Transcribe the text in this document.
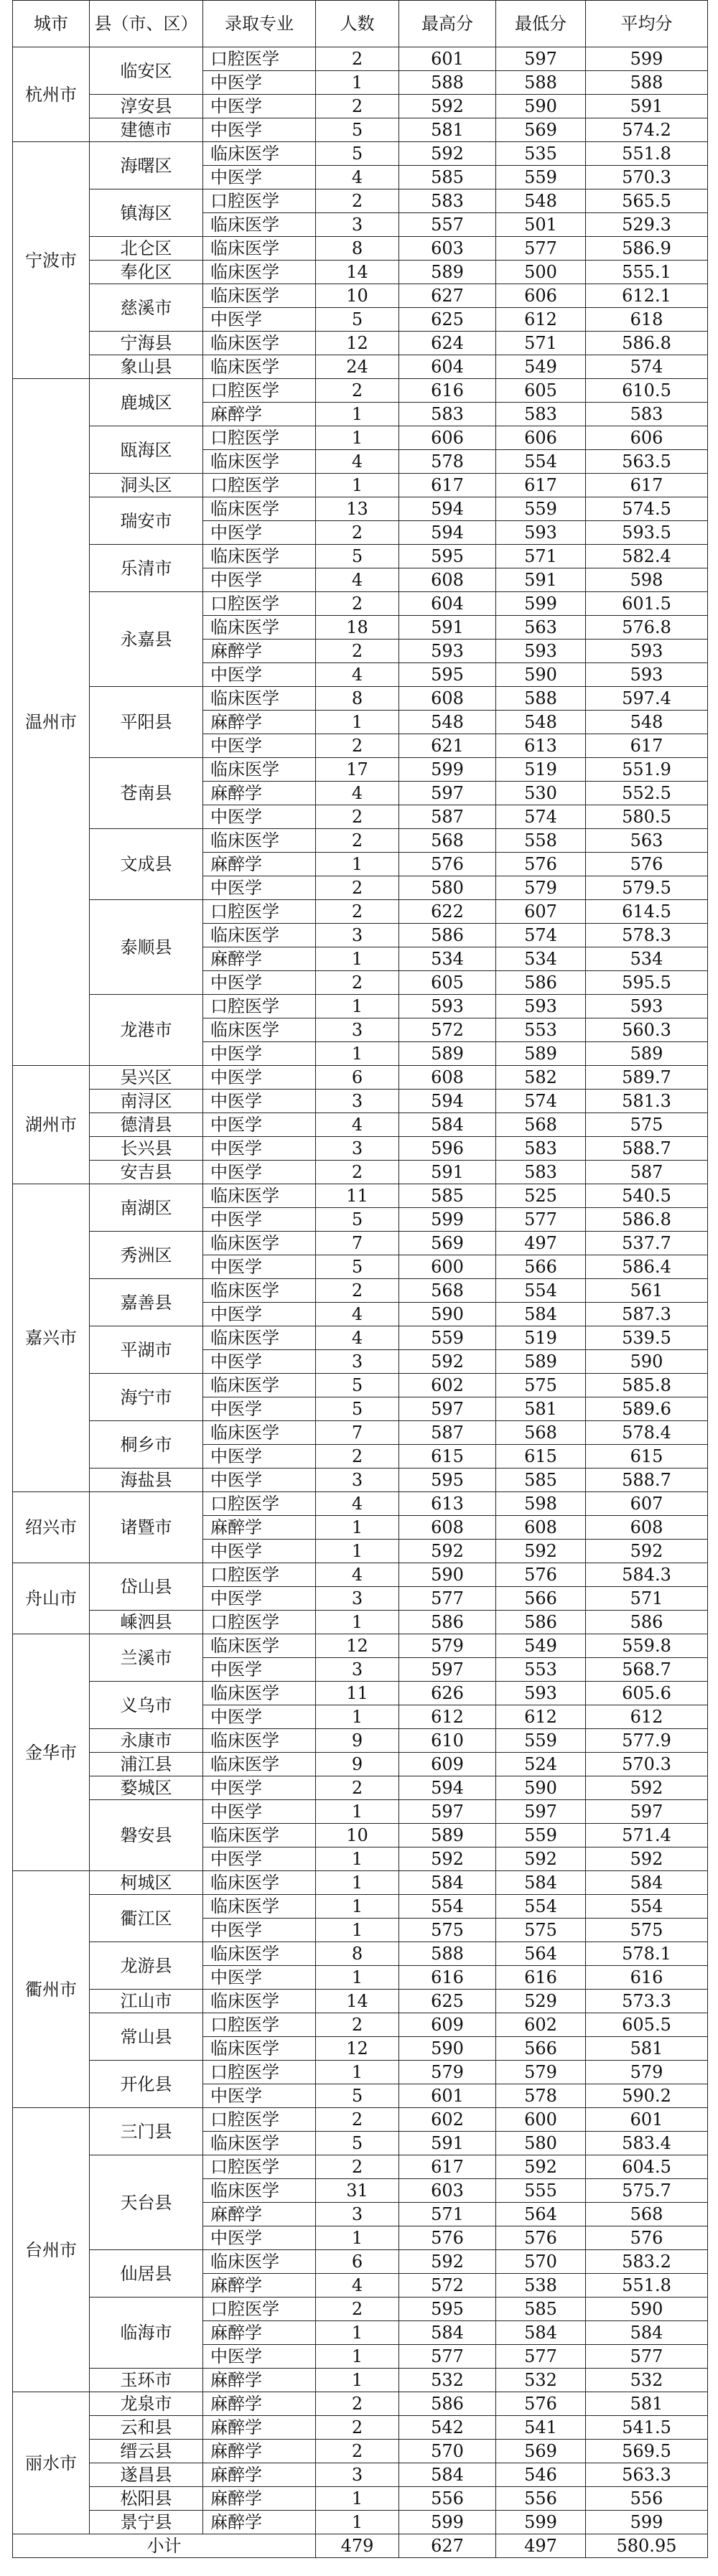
城市	县（市、区）	录取专业	人数	最高分	最低分	平均分
杭州市	临安区	口腔医学	2	601	597	599
		中医学	1	588	588	588
	淳安县	中医学	2	592	590	591
	建德市	中医学	5	581	569	574.2
宁波市	海曙区	临床医学	5	592	535	551.8
		中医学	4	585	559	570.3
	镇海区	口腔医学	2	583	548	565.5
		临床医学	3	557	501	529.3
	北仑区	临床医学	8	603	577	586.9
	奉化区	临床医学	14	589	500	555.1
	慈溪市	临床医学	10	627	606	612.1
		中医学	5	625	612	618
	宁海县	临床医学	12	624	571	586.8
	象山县	临床医学	24	604	549	574
温州市	鹿城区	口腔医学	2	616	605	610.5
		麻醉学	1	583	583	583
	瓯海区	口腔医学	1	606	606	606
		临床医学	4	578	554	563.5
	洞头区	口腔医学	1	617	617	617
	瑞安市	临床医学	13	594	559	574.5
		中医学	2	594	593	593.5
	乐清市	临床医学	5	595	571	582.4
		中医学	4	608	591	598
	永嘉县	口腔医学	2	604	599	601.5
		临床医学	18	591	563	576.8
		麻醉学	2	593	593	593
		中医学	4	595	590	593
	平阳县	临床医学	8	608	588	597.4
		麻醉学	1	548	548	548
		中医学	2	621	613	617
	苍南县	临床医学	17	599	519	551.9
		麻醉学	4	597	530	552.5
		中医学	2	587	574	580.5
	文成县	临床医学	2	568	558	563
		麻醉学	1	576	576	576
		中医学	2	580	579	579.5
	泰顺县	口腔医学	2	622	607	614.5
		临床医学	3	586	574	578.3
		麻醉学	1	534	534	534
		中医学	2	605	586	595.5
	龙港市	口腔医学	1	593	593	593
		临床医学	3	572	553	560.3
		中医学	1	589	589	589
湖州市	吴兴区	中医学	6	608	582	589.7
	南浔区	中医学	3	594	574	581.3
	德清县	中医学	4	584	568	575
	长兴县	中医学	3	596	583	588.7
	安吉县	中医学	2	591	583	587
嘉兴市	南湖区	临床医学	11	585	525	540.5
		中医学	5	599	577	586.8
	秀洲区	临床医学	7	569	497	537.7
		中医学	5	600	566	586.4
	嘉善县	临床医学	2	568	554	561
		中医学	4	590	584	587.3
	平湖市	临床医学	4	559	519	539.5
		中医学	3	592	589	590
	海宁市	临床医学	5	602	575	585.8
		中医学	5	597	581	589.6
	桐乡市	临床医学	7	587	568	578.4
		中医学	2	615	615	615
	海盐县	中医学	3	595	585	588.7
绍兴市	诸暨市	口腔医学	4	613	598	607
		麻醉学	1	608	608	608
		中医学	1	592	592	592
舟山市	岱山县	口腔医学	4	590	576	584.3
		中医学	3	577	566	571
	嵊泗县	口腔医学	1	586	586	586
金华市	兰溪市	临床医学	12	579	549	559.8
		中医学	3	597	553	568.7
	义乌市	临床医学	11	626	593	605.6
		中医学	1	612	612	612
	永康市	临床医学	9	610	559	577.9
	浦江县	临床医学	9	609	524	570.3
	婺城区	中医学	2	594	590	592
	磐安县	中医学	1	597	597	597
		临床医学	10	589	559	571.4
		中医学	1	592	592	592
衢州市	柯城区	临床医学	1	584	584	584
	衢江区	临床医学	1	554	554	554
		中医学	1	575	575	575
	龙游县	临床医学	8	588	564	578.1
		中医学	1	616	616	616
	江山市	临床医学	14	625	529	573.3
	常山县	口腔医学	2	609	602	605.5
		临床医学	12	590	566	581
	开化县	口腔医学	1	579	579	579
		中医学	5	601	578	590.2
台州市	三门县	口腔医学	2	602	600	601
		临床医学	5	591	580	583.4
	天台县	口腔医学	2	617	592	604.5
		临床医学	31	603	555	575.7
		麻醉学	3	571	564	568
		中医学	1	576	576	576
	仙居县	临床医学	6	592	570	583.2
		麻醉学	4	572	538	551.8
	临海市	口腔医学	2	595	585	590
		麻醉学	1	584	584	584
		中医学	1	577	577	577
	玉环市	麻醉学	1	532	532	532
丽水市	龙泉市	麻醉学	2	586	576	581
	云和县	麻醉学	2	542	541	541.5
	缙云县	麻醉学	2	570	569	569.5
	遂昌县	麻醉学	3	584	546	563.3
	松阳县	麻醉学	1	556	556	556
	景宁县	麻醉学	1	599	599	599
小计			479	627	497	580.95
